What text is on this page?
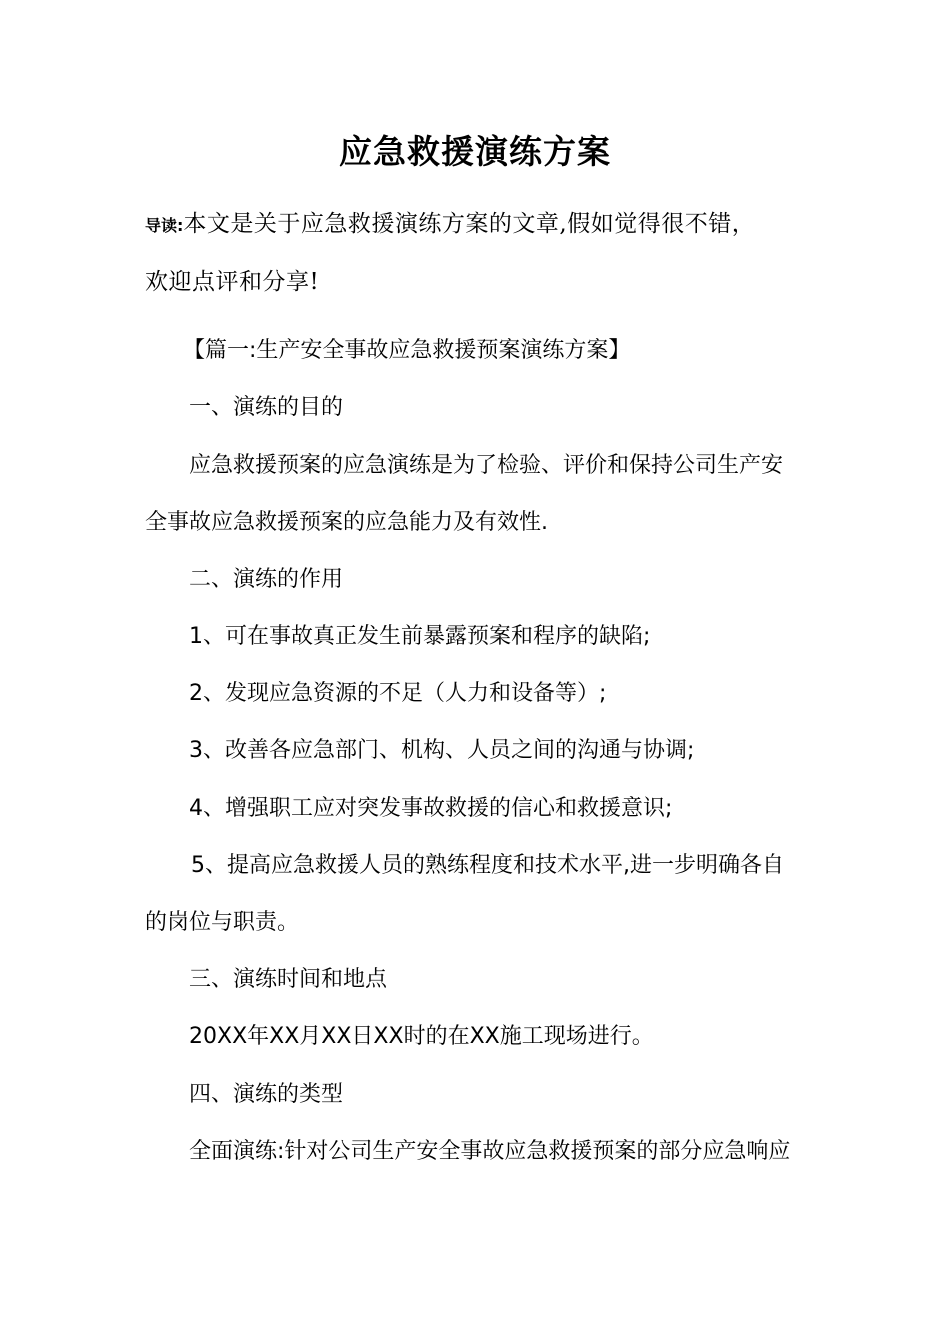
应急救援演练方案
导读:本文是关于应急救援演练方案的文章,假如觉得很不错，
欢迎点评和分享!
【篇一:生产安全事故应急救援预案演练方案】
一、演练的目的
应急救援预案的应急演练是为了检验、评价和保持公司生产安
全事故应急救援预案的应急能力及有效性.
二、演练的作用
1、可在事故真正发生前暴露预案和程序的缺陷;
2、发现应急资源的不足（人力和设备等）;
3、改善各应急部门、机构、人员之间的沟通与协调;
4、增强职工应对突发事故救援的信心和救援意识;
5、提高应急救援人员的熟练程度和技术水平,进一步明确各自
的岗位与职责。
三、演练时间和地点
20XX年XX月XX日XX时的在XX施工现场进行。
四、演练的类型
全面演练:针对公司生产安全事故应急救援预案的部分应急响应
